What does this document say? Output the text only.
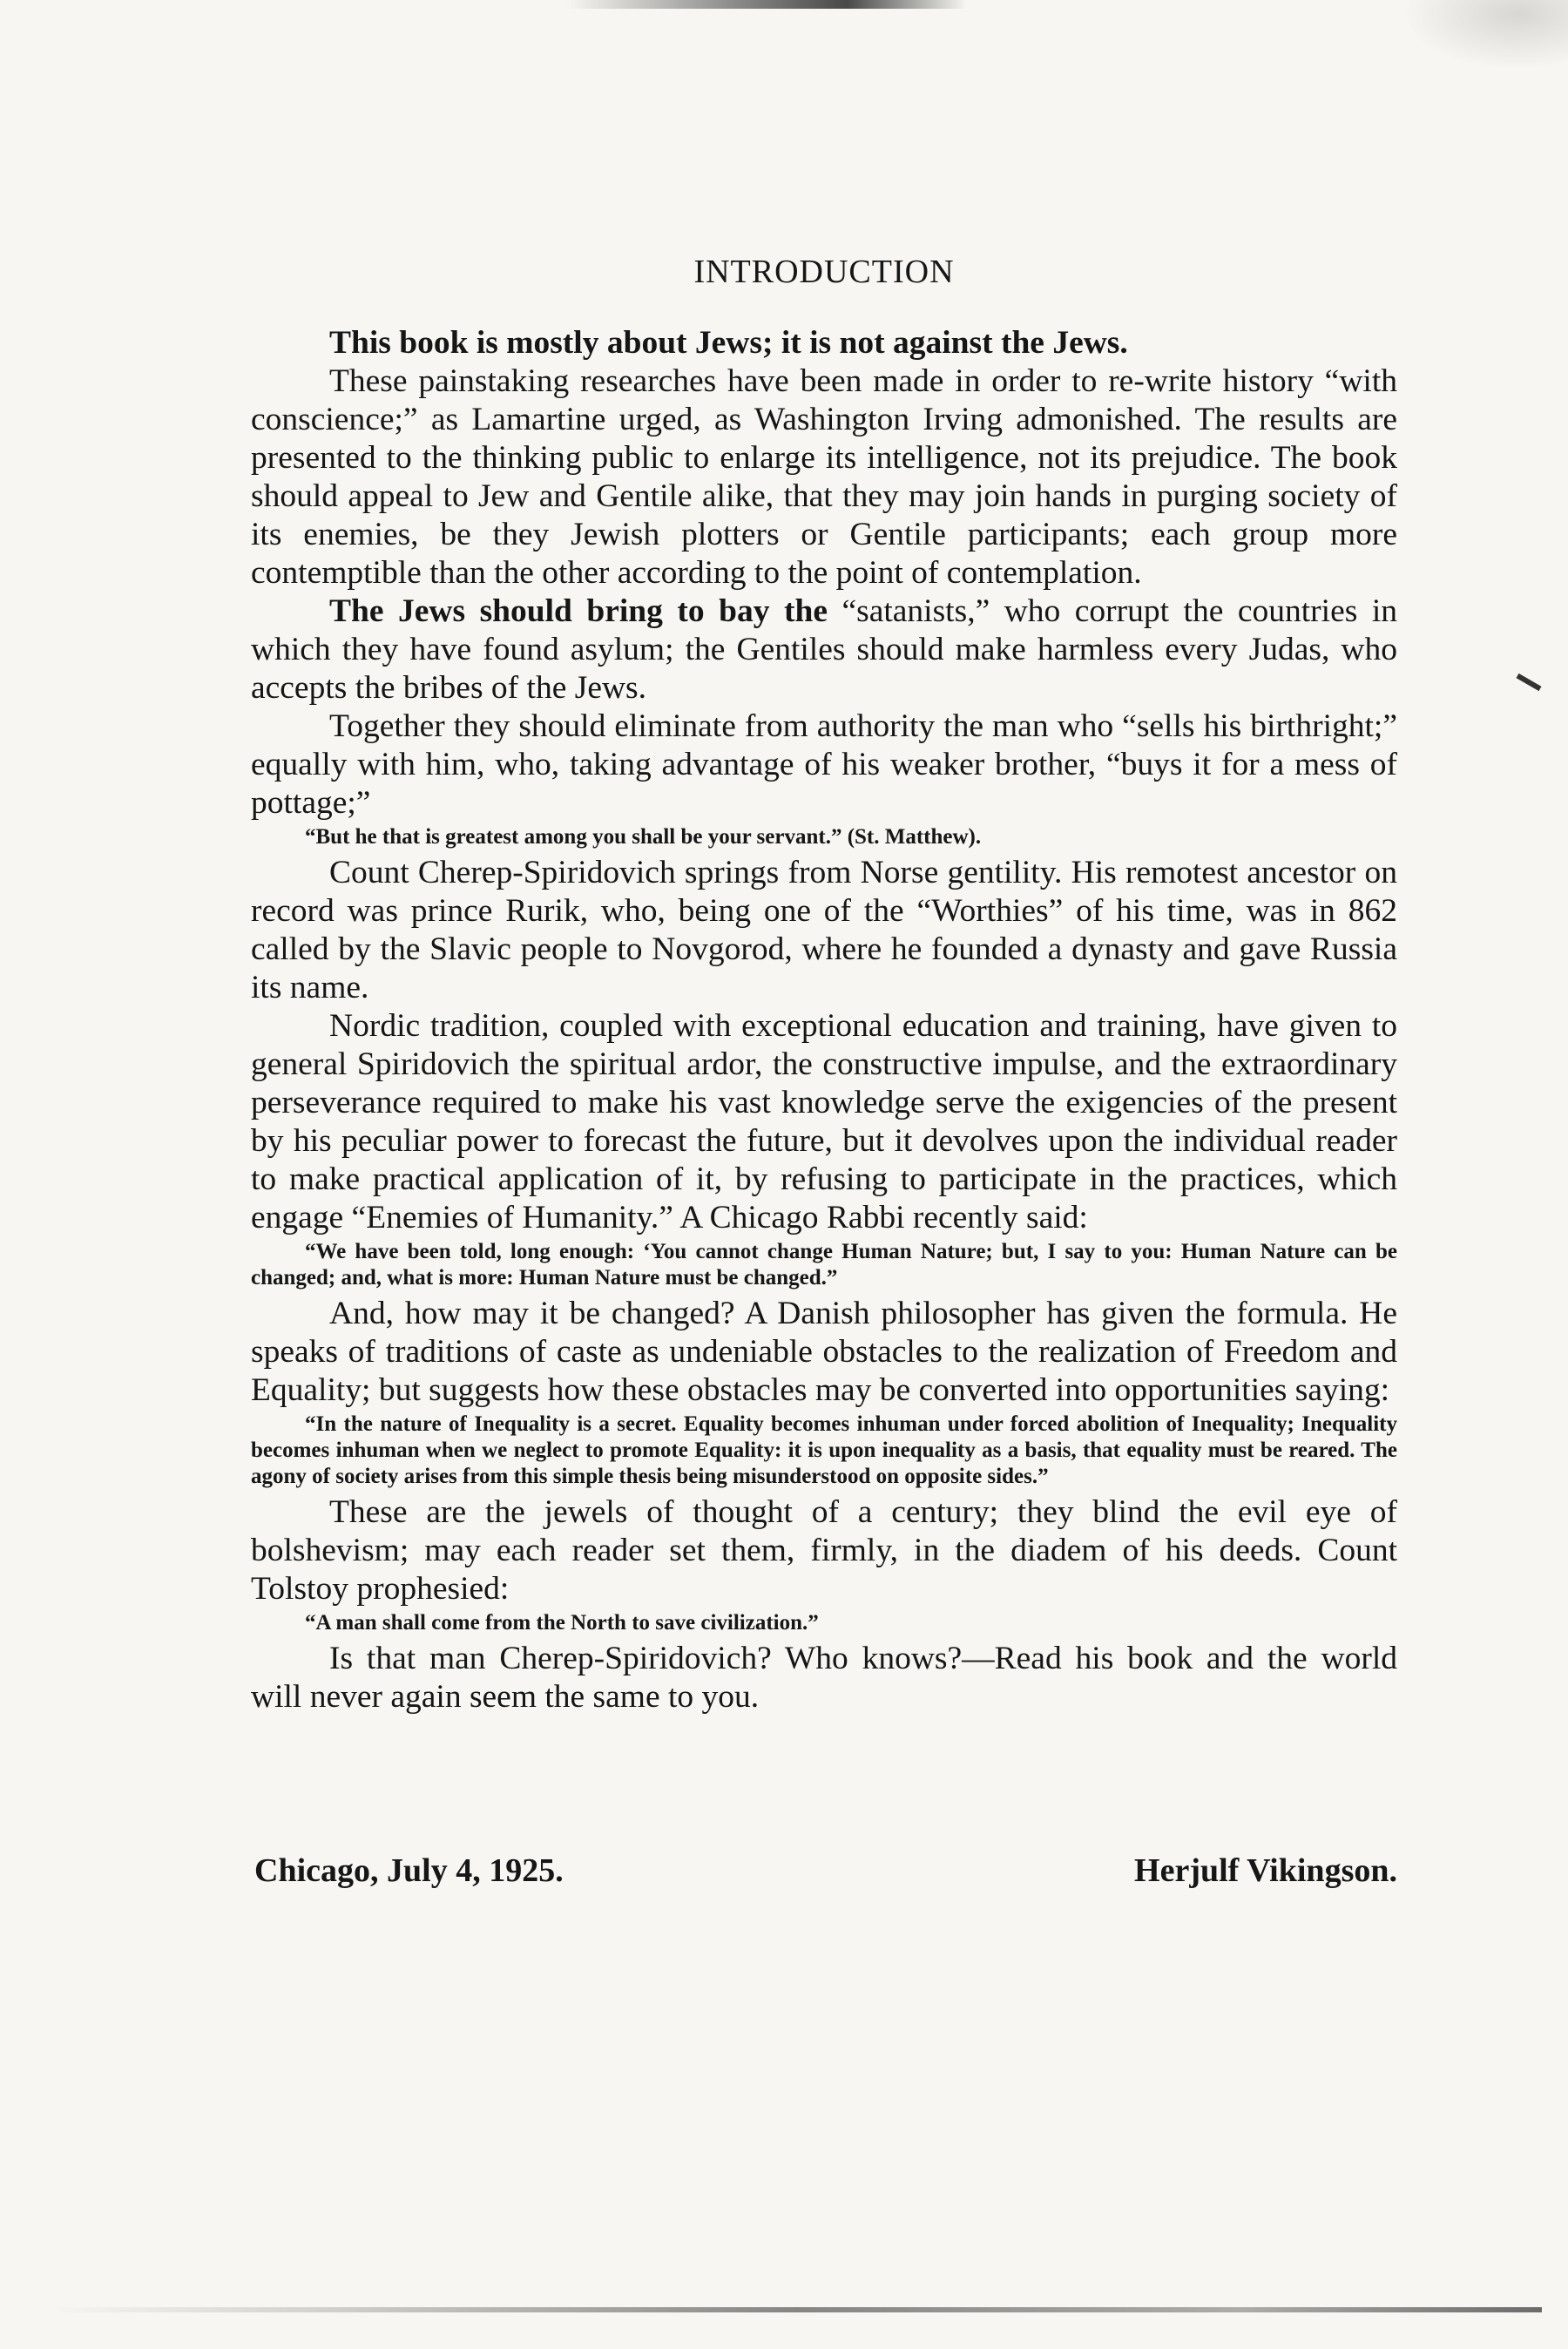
INTRODUCTION

This book is mostly about Jews; it is not against the Jews.

These painstaking researches have been made in order to re-write history “with conscience;” as Lamartine urged, as Washington Irving admonished. The results are presented to the thinking public to enlarge its intelligence, not its prejudice. The book should appeal to Jew and Gentile alike, that they may join hands in purging society of its enemies, be they Jewish plotters or Gentile participants; each group more contemptible than the other according to the point of contemplation.

The Jews should bring to bay the “satanists,” who corrupt the countries in which they have found asylum; the Gentiles should make harmless every Judas, who accepts the bribes of the Jews.

Together they should eliminate from authority the man who “sells his birthright;” equally with him, who, taking advantage of his weaker brother, “buys it for a mess of pottage;”

“But he that is greatest among you shall be your servant.” (St. Matthew).

Count Cherep-Spiridovich springs from Norse gentility. His remotest ancestor on record was prince Rurik, who, being one of the “Worthies” of his time, was in 862 called by the Slavic people to Novgorod, where he founded a dynasty and gave Russia its name.

Nordic tradition, coupled with exceptional education and training, have given to general Spiridovich the spiritual ardor, the constructive impulse, and the extraordinary perseverance required to make his vast knowledge serve the exigencies of the present by his peculiar power to forecast the future, but it devolves upon the individual reader to make practical application of it, by refusing to participate in the practices, which engage “Enemies of Humanity.” A Chicago Rabbi recently said:

“We have been told, long enough: ‘You cannot change Human Nature; but, I say to you: Human Nature can be changed; and, what is more: Human Nature must be changed.”

And, how may it be changed? A Danish philosopher has given the formula. He speaks of traditions of caste as undeniable obstacles to the realization of Freedom and Equality; but suggests how these obstacles may be converted into opportunities saying:

“In the nature of Inequality is a secret. Equality becomes inhuman under forced abolition of Inequality; Inequality becomes inhuman when we neglect to promote Equality: it is upon inequality as a basis, that equality must be reared. The agony of society arises from this simple thesis being misunderstood on opposite sides.”

These are the jewels of thought of a century; they blind the evil eye of bolshevism; may each reader set them, firmly, in the diadem of his deeds. Count Tolstoy prophesied:

“A man shall come from the North to save civilization.”

Is that man Cherep-Spiridovich? Who knows?—Read his book and the world will never again seem the same to you.

Chicago, July 4, 1925.	Herjulf Vikingson.
